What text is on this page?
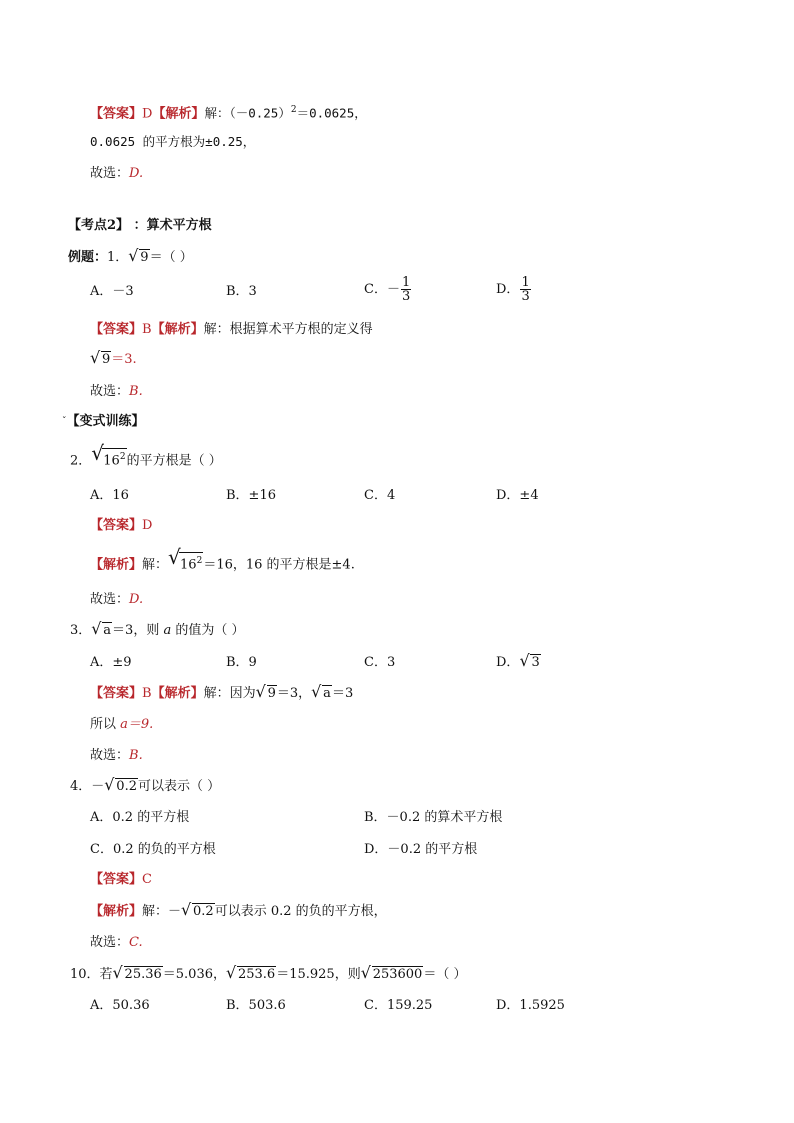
【答案】D【解析】解：$(-0.25)^2=0.0625$，
0.0625 的平方根为±0.25，
故选：D.
【考点2】 ：算术平方根
例题：1． √ 9＝（ ）
A．－3	B．3	C．－ $\frac{1}{3}$	D． $\frac{1}{3}$
【答案】B【解析】解：根据算术平方根的定义得
√ 9＝3.
故选：B.
$^ˇ$【变式训练】
2． √ $16^2$的平方根是（ ）
A．16	B．±16	C．4	D．±4
【答案】D
【解析】解： √ $16^2=16$，16 的平方根是±4.
故选：D.
3． √ a＝3，则 a 的值为（ ）
A．±9	B．9	C．3	D． √ 3
【答案】B【解析】解：因为 √ 9＝3， √ a＝3
所以 a＝9.
故选：B.
4．－ √ 0.2可以表示（ ）
A．0.2 的平方根	B．－0.2 的算术平方根
C．0.2 的负的平方根	D．－0.2 的平方根
【答案】C
【解析】解：－ √ 0.2可以表示 0.2 的负的平方根，
故选：C.
10．若 √ 25.36＝5.036， √ 253.6＝15.925，则 √ 253600＝（ ）
A．50.36	B．503.6	C．159.25	D．1.5925
